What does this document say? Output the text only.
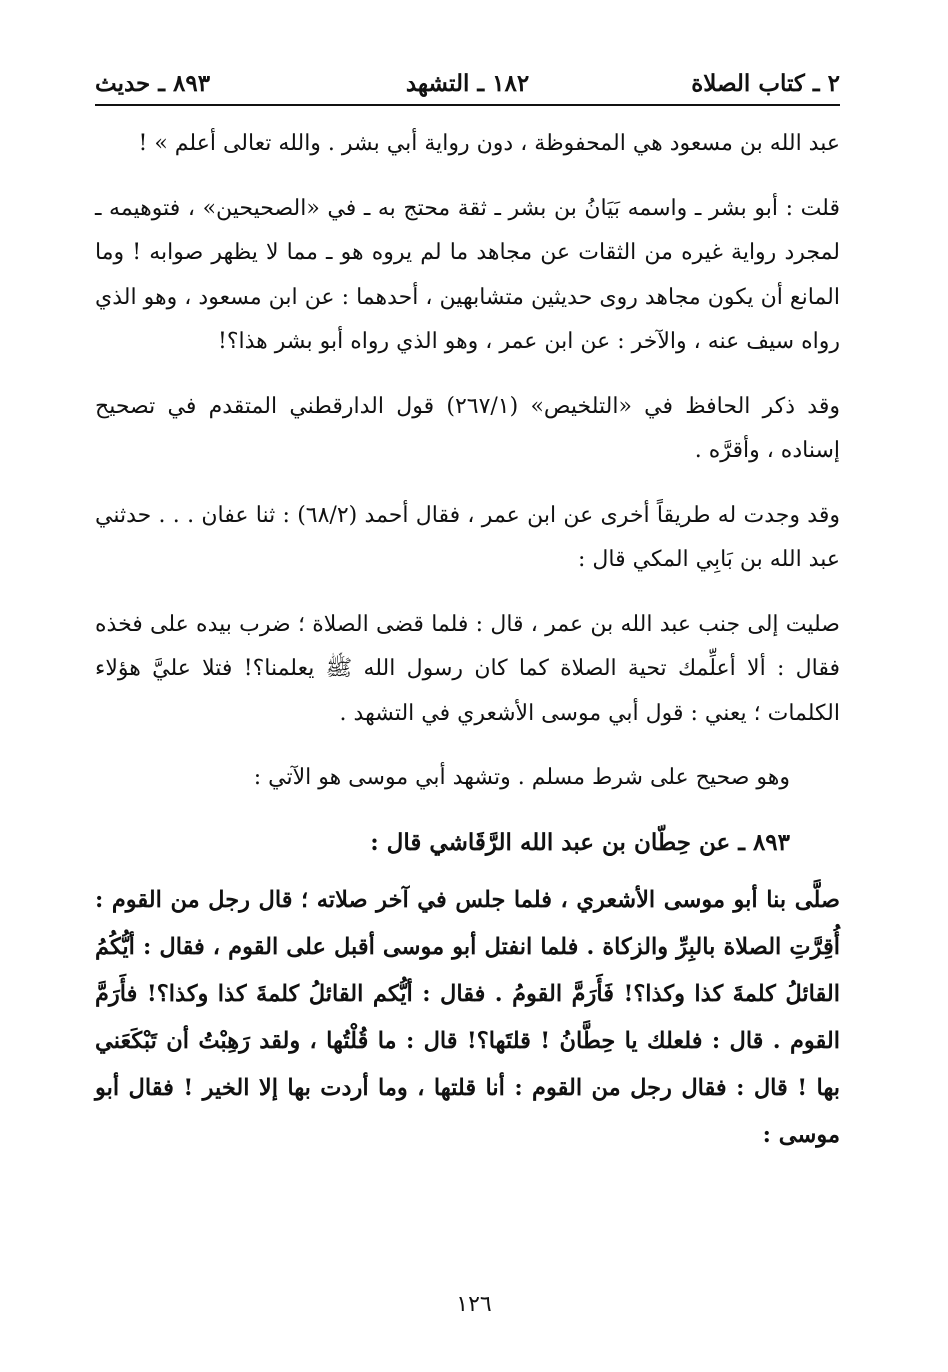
٢ ـ كتاب الصلاة
١٨٢ ـ التشهد
٨٩٣ ـ حديث

عبد الله بن مسعود هي المحفوظة ، دون رواية أبي بشر . والله تعالى أعلم » !

قلت : أبو بشر ـ واسمه بَيَانُ بن بشر ـ ثقة محتج به ـ في «الصحيحين» ، فتوهيمه ـ لمجرد رواية غيره من الثقات عن مجاهد ما لم يروه هو ـ مما لا يظهر صوابه ! وما المانع أن يكون مجاهد روى حديثين متشابهين ، أحدهما : عن ابن مسعود ، وهو الذي رواه سيف عنه ، والآخر : عن ابن عمر ، وهو الذي رواه أبو بشر هذا؟!

وقد ذكر الحافظ في «التلخيص» (٢٦٧/١) قول الدارقطني المتقدم في تصحيح إسناده ، وأقرَّه .

وقد وجدت له طريقاً أخرى عن ابن عمر ، فقال أحمد (٦٨/٢) : ثنا عفان . . . حدثني عبد الله بن بَابِي المكي قال :

صليت إلى جنب عبد الله بن عمر ، قال : فلما قضى الصلاة ؛ ضرب بيده على فخذه فقال : ألا أعلِّمك تحية الصلاة كما كان رسول الله ﷺ يعلمنا؟! فتلا عليَّ هؤلاء الكلمات ؛ يعني : قول أبي موسى الأشعري في التشهد .

وهو صحيح على شرط مسلم . وتشهد أبي موسى هو الآتي :

٨٩٣ ـ عن حِطّان بن عبد الله الرَّقَاشي قال :

صلَّى بنا أبو موسى الأشعري ، فلما جلس في آخر صلاته ؛ قال رجل من القوم : أُقِرَّتِ الصلاة بالبِرِّ والزكاة . فلما انفتل أبو موسى أقبل على القوم ، فقال : أيُّكُمُ القائلُ كلمةَ كذا وكذا؟! فَأَرَمَّ القومُ . فقال : أيُّكم القائلُ كلمةَ كذا وكذا؟! فأَرَمَّ القوم . قال : فلعلك يا حِطَّانُ ! قلتَها؟! قال : ما قُلْتُها ، ولقد رَهِبْتُ أن تَبْكَعَني بها ! قال : فقال رجل من القوم : أنا قلتها ، وما أردت بها إلا الخير ! فقال أبو موسى :

١٢٦
